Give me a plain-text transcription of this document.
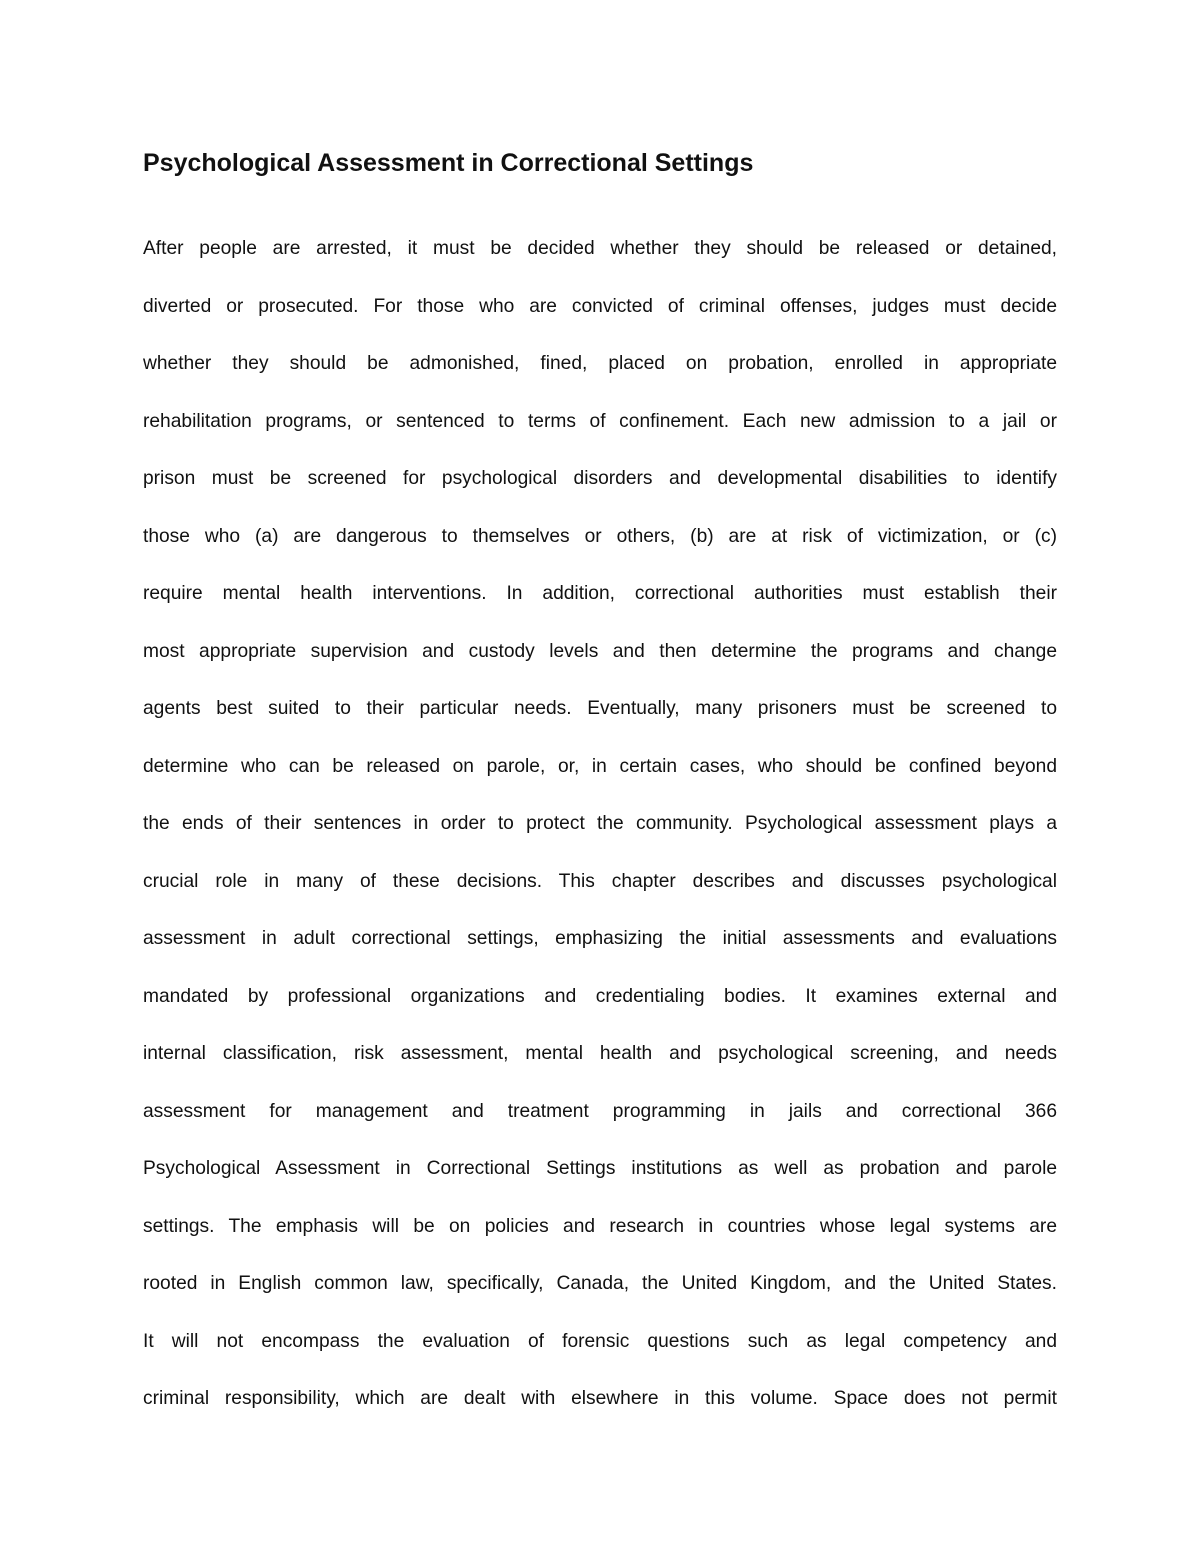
Psychological Assessment in Correctional Settings
After people are arrested, it must be decided whether they should be released or detained,
diverted or prosecuted. For those who are convicted of criminal offenses, judges must decide
whether they should be admonished, fined, placed on probation, enrolled in appropriate
rehabilitation programs, or sentenced to terms of confinement. Each new admission to a jail or
prison must be screened for psychological disorders and developmental disabilities to identify
those who (a) are dangerous to themselves or others, (b) are at risk of victimization, or (c)
require mental health interventions. In addition, correctional authorities must establish their
most appropriate supervision and custody levels and then determine the programs and change
agents best suited to their particular needs. Eventually, many prisoners must be screened to
determine who can be released on parole, or, in certain cases, who should be confined beyond
the ends of their sentences in order to protect the community. Psychological assessment plays a
crucial role in many of these decisions. This chapter describes and discusses psychological
assessment in adult correctional settings, emphasizing the initial assessments and evaluations
mandated by professional organizations and credentialing bodies. It examines external and
internal classification, risk assessment, mental health and psychological screening, and needs
assessment for management and treatment programming in jails and correctional 366
Psychological Assessment in Correctional Settings institutions as well as probation and parole
settings. The emphasis will be on policies and research in countries whose legal systems are
rooted in English common law, specifically, Canada, the United Kingdom, and the United States.
It will not encompass the evaluation of forensic questions such as legal competency and
criminal responsibility, which are dealt with elsewhere in this volume. Space does not permit
